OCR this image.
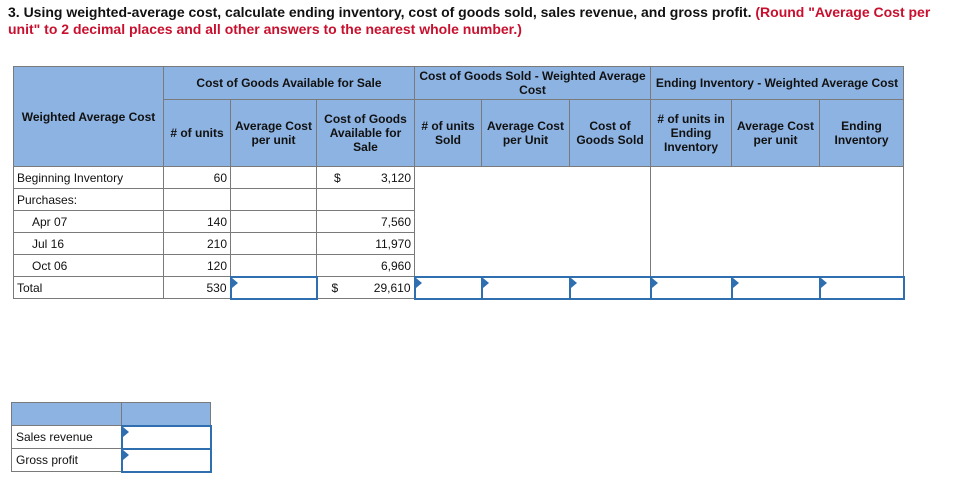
3. Using weighted-average cost, calculate ending inventory, cost of goods sold, sales revenue, and gross profit. (Round "Average Cost per unit" to 2 decimal places and all other answers to the nearest whole number.)
Weighted Average Cost	Cost of Goods Available for Sale			Cost of Goods Sold - Weighted Average Cost			Ending Inventory - Weighted Average Cost		
	# of units	Average Cost per unit	Cost of Goods Available for Sale	# of units Sold	Average Cost per Unit	Cost of Goods Sold	# of units in Ending Inventory	Average Cost per unit	Ending Inventory
Beginning Inventory	60		$ 3,120						

Purchases:									
Apr 07	140		7,560						
Jul 16	210		11,970						
Oct 06	120		6,960						
Total	530		$ 29,610						

Sales revenue	
Gross profit	
